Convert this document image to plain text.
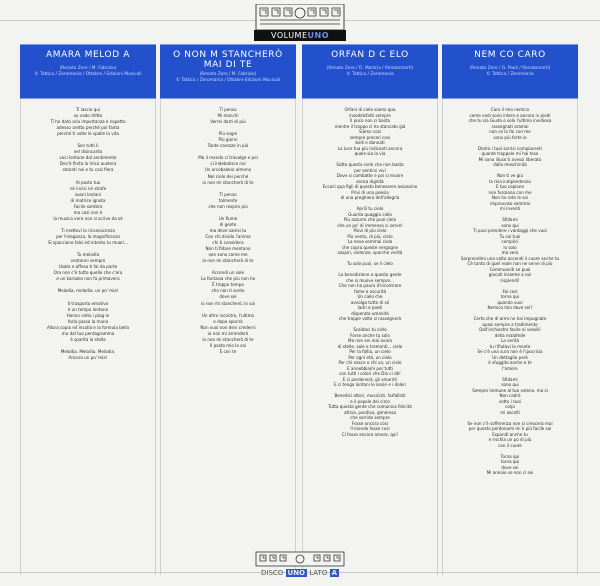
VOLUMEUNO
AMARA MELOD A
(Renato Zero / M. Fabrizio)
© Tattica / Zeromania / Ottobre / Edizioni Musicali
Ti lascio qui
su vado dritto
Ti ho dato aria importanza e rispetto
adesso aretto perché poi fanta
perché ti volte le spalle la vita

Son tutti li
nel disincanto
voci lontane dal sentimento
Dov'è finita la lirica austera
stanati noi e tu così fiera

Al posto tuo
nè incisi né strofe
suoni lontani
di matrice ignota
Facile sembra
ma così non è
la musica vera non si scrive da sé

Ti mettevi la riconoscenza
per l'eleganza, la magnificenza
Si spacciano falsi ed intento tu muori...

Tu melodia
ventanni sempre
Usata e offesa ti fai da parte
Ora non c'è tutto quello che c'era
e un karaoke non fa primavera

Melodia, melodia, un po' mia!

Il trasporto emotivo
è un tempo lontano
Hanno vinto i plug-in
farla passa la mano
Allora copia ed incolla e la formula bella
ma dal tuo pentagramma
è sparita la stella

Melodia. Melodia. Melodia.
Ancora un po' mia!
O NON M STANCHERÒ
MAI DI TE
(Renato Zero / M. Fabrizio)
© Tattica / Zeromania / Ottobre Edizioni Musicali
Ti penso
Mi manchi
Vorrei darti di più

Più sogni
Più giorni
Tante carezze in più

Ma il mondo ci travolge e poi
ci indebolisce noi
Un arcobaleno almeno
Nel cielo dei perché
io non mi stancherò di te

Ti penso
talmente
che non respiro più

Un fiume
di gente
ma deve saresi tu
Con chi divido l'anima
chi ti considera
Non ti fidare mentono
non sono come me
io non mi stancherò di te

Accendi un sole
La fantasia che più non ho
È troppo tempo
che non ti sento
dove sei
io non mi stancherò, lo sai

Un altro incontro, l'ultimo
e dopo sparirò
Non vuoi non devi crederni
io non mi arrenderò
io non mi stancherò di te
Il posto mio lo sai
È con te
ORFAN D C ELO
(Renato Zero / D. Mastria / Renatomarti)
© Tattica / Zeromania
Orfani di cielo siamo qua
insoddisfatti sempre
Il poco non ci basta
mentre il troppo ci ha stancato già
Siamo così
sempre precari così
belli e dannati
La luce tua più indicanti ancora
quale sia la via

Sotto questo cielo che non basta
per sentirsi vivi
Dove si combatte e poi si muore
senza dignità
Eccoci qua figli di questo benessere assassino
Privi di una poesia
di una preghiera dell'allegria

Aprili tu cielo
Guarda quaggiù cielo
Più azzurro che puoi cielo
che un po' di immenso ci serve!
Piovi di più cielo
Più vento, di più, cielo
La neve semmai cielo
che copra queste vergogne
sospiri, violenze, sporche verità

Tu solo puoi, se il cielo

La benedizione a questa gente
che si muove sempre...
Che non ha paura d'incontrare
fame e oscurità
Un cielo che
avvolga tutto di sé
ladri e poeti
disperata umanità
che troppe volte si rassegnerà

Scaldaci tu cielo
Forse anche tu solo
Ma non sei mai avaro
di stelle, sole e tramonti... cielo
Per la follia, un cielo
Per ogni età, un cielo
Per chi nasce e chi va, un cielo
E annebbiami per tutti
con tutti i colori che Dio ci dà!
E ci perdonerà, gli smarriti
E ci tenga lontani le ansie e i dolori

Benedici attori, musicisti, farfallisti
e il popolo dei circo
Tutta questa gente che comunica felicità
attiva, positiva, generosa
che sorride sempre
Fosse ancora così
Il mondo fosse così
Ci fosse ancora amore, qui!
NEM CO CARO
(Renato Zero / G. Paoli / Renatomarti)
© Tattica / Zeromania
Caro il mio nemico
come vedi sono intero e ancora in piedi
che tu sia Giuda o solo l'ultimo invidioso
rassegnati oramai
non ce la fai con me
sono più forte io

Dietro i tuoi sorrisi compiacenti
quante trappole mi hai teso
Mi sono illuso ti avessi liberato
dalla meschinità

Non ti ve giù
la mia indipendenza
E tuo copione
non funziona con me
Non ho rete le sai
improvviso semmai
mi inventi

Sfidami
sono qui
Ti puoi prendere i vantaggi che vuoi
Tu coi tuoi
complici
io solo
ma vero
Sorprendimi una volta accendi il cuore anche tu
Cè tanto di quel reale non ne serve di più
Commuoviti se puoi
giocati insieme a noi
risplendi!

Fai così
torna qui
quando vuoi
Nemico mio dove sei?

Certo che di armi ne hai impugnate
quasi sempre a tradimento
Dall'inchiostro facile ai vessilli
della malafede
La verità
tu rifiutavi la mente
Se c'è una sura non è l'ipocrisia
Un dettaglio però
è sfuggito anche a te
l'amore

Sfidami
sono qui
Sempre immune al tuo veleno, ma sì
Non cadrò
sotto i tuoi
colpi
mi ascolti

Se non c'è sofferenza non si crescerà mai
per questo perdonami mi è più facile sai
Esponiti anche tu
e rischia un po di più
con il cuore

Torna qui
torna qui
dove sei
Mi annoio se non ci sei
DISCO UNO LATO A
